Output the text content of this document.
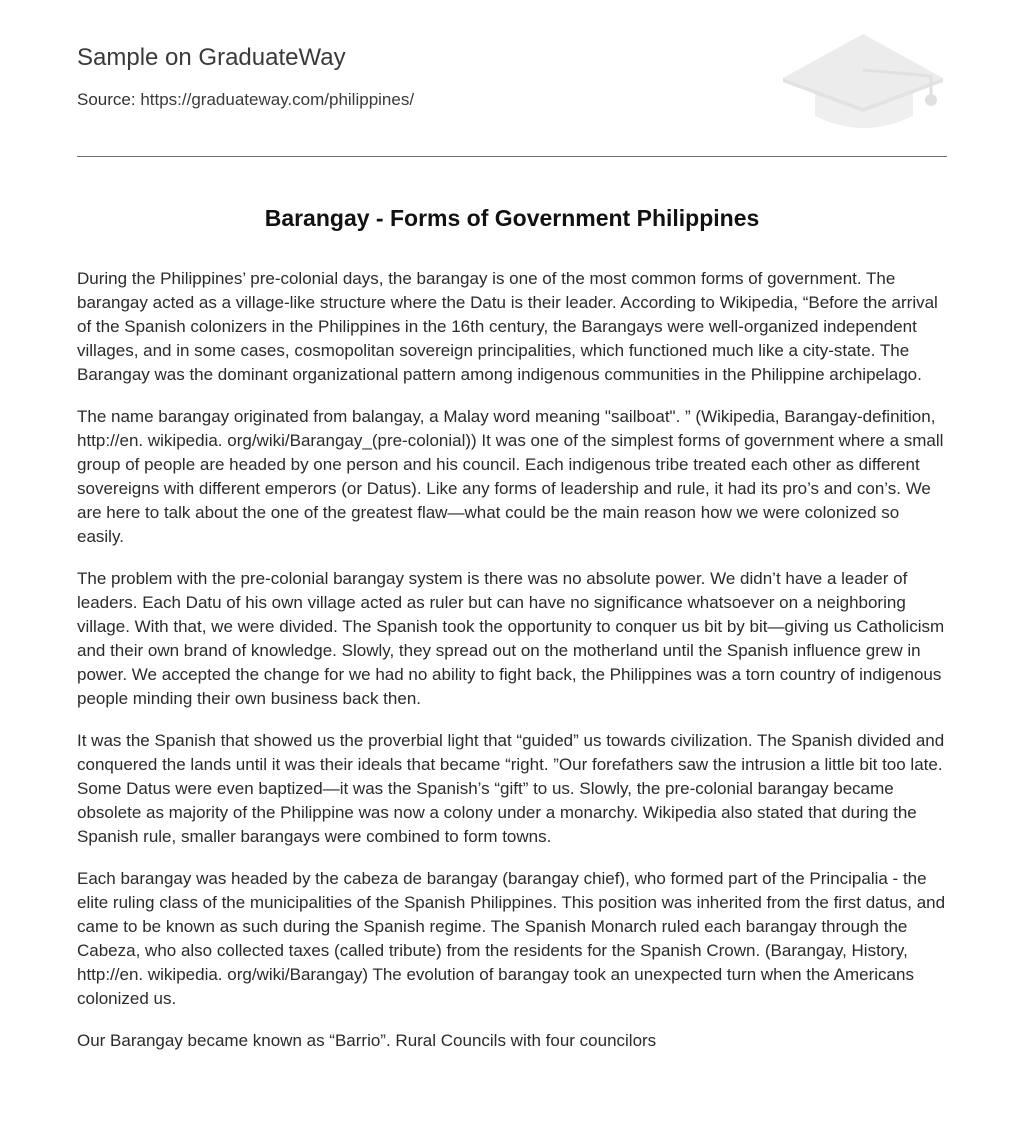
Sample on GraduateWay
Source: https://graduateway.com/philippines/
Barangay - Forms of Government Philippines

During the Philippines’ pre-colonial days, the barangay is one of the most common forms of government. The barangay acted as a village-like structure where the Datu is their leader. According to Wikipedia, “Before the arrival of the Spanish colonizers in the Philippines in the 16th century, the Barangays were well-organized independent villages, and in some cases, cosmopolitan sovereign principalities, which functioned much like a city-state. The Barangay was the dominant organizational pattern among indigenous communities in the Philippine archipelago.

The name barangay originated from balangay, a Malay word meaning "sailboat". ” (Wikipedia, Barangay-definition, http://en. wikipedia. org/wiki/Barangay_(pre-colonial)) It was one of the simplest forms of government where a small group of people are headed by one person and his council. Each indigenous tribe treated each other as different sovereigns with different emperors (or Datus). Like any forms of leadership and rule, it had its pro’s and con’s. We are here to talk about the one of the greatest flaw—what could be the main reason how we were colonized so easily.

The problem with the pre-colonial barangay system is there was no absolute power. We didn’t have a leader of leaders. Each Datu of his own village acted as ruler but can have no significance whatsoever on a neighboring village. With that, we were divided. The Spanish took the opportunity to conquer us bit by bit—giving us Catholicism and their own brand of knowledge. Slowly, they spread out on the motherland until the Spanish influence grew in power. We accepted the change for we had no ability to fight back, the Philippines was a torn country of indigenous people minding their own business back then.

It was the Spanish that showed us the proverbial light that “guided” us towards civilization. The Spanish divided and conquered the lands until it was their ideals that became “right. ”Our forefathers saw the intrusion a little bit too late. Some Datus were even baptized—it was the Spanish’s “gift” to us. Slowly, the pre-colonial barangay became obsolete as majority of the Philippine was now a colony under a monarchy. Wikipedia also stated that during the Spanish rule, smaller barangays were combined to form towns.

Each barangay was headed by the cabeza de barangay (barangay chief), who formed part of the Principalia - the elite ruling class of the municipalities of the Spanish Philippines. This position was inherited from the first datus, and came to be known as such during the Spanish regime. The Spanish Monarch ruled each barangay through the Cabeza, who also collected taxes (called tribute) from the residents for the Spanish Crown. (Barangay, History, http://en. wikipedia. org/wiki/Barangay) The evolution of barangay took an unexpected turn when the Americans colonized us.

Our Barangay became known as “Barrio”. Rural Councils with four councilors
